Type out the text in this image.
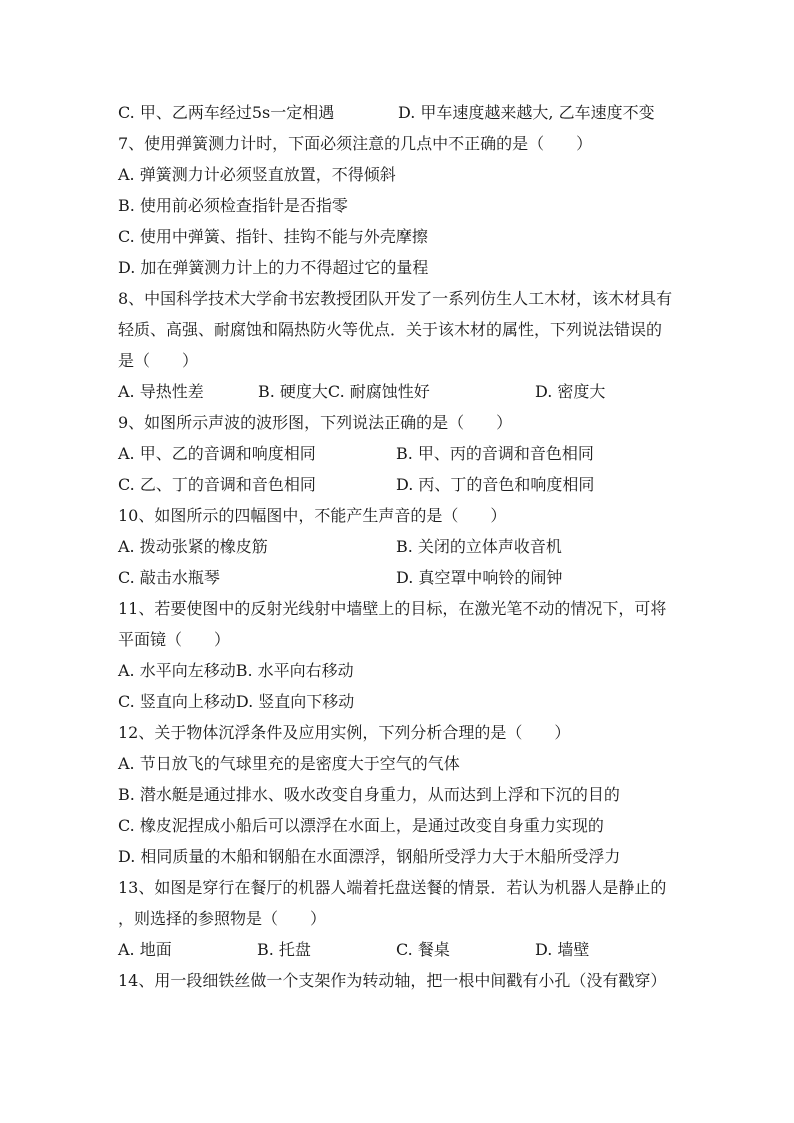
C. 甲、乙两车经过5s一定相遇	D. 甲车速度越来越大, 乙车速度不变
7、使用弹簧测力计时，下面必须注意的几点中不正确的是（　　）
A. 弹簧测力计必须竖直放置，不得倾斜
B. 使用前必须检查指针是否指零
C. 使用中弹簧、指针、挂钩不能与外壳摩擦
D. 加在弹簧测力计上的力不得超过它的量程
8、中国科学技术大学俞书宏教授团队开发了一系列仿生人工木材，该木材具有
轻质、高强、耐腐蚀和隔热防火等优点．关于该木材的属性，下列说法错误的
是（　　）
A. 导热性差	B. 硬度大C. 耐腐蚀性好	D. 密度大
9、如图所示声波的波形图，下列说法正确的是（　　）
A. 甲、乙的音调和响度相同	B. 甲、丙的音调和音色相同
C. 乙、丁的音调和音色相同	D. 丙、丁的音色和响度相同
10、如图所示的四幅图中，不能产生声音的是（　　）
A. 拨动张紧的橡皮筋	B. 关闭的立体声收音机
C. 敲击水瓶琴	D. 真空罩中响铃的闹钟
11、若要使图中的反射光线射中墙壁上的目标，在激光笔不动的情况下，可将
平面镜（　　）
A. 水平向左移动B. 水平向右移动
C. 竖直向上移动D. 竖直向下移动
12、关于物体沉浮条件及应用实例，下列分析合理的是（　　）
A. 节日放飞的气球里充的是密度大于空气的气体
B. 潜水艇是通过排水、吸水改变自身重力，从而达到上浮和下沉的目的
C. 橡皮泥捏成小船后可以漂浮在水面上，是通过改变自身重力实现的
D. 相同质量的木船和钢船在水面漂浮，钢船所受浮力大于木船所受浮力
13、如图是穿行在餐厅的机器人端着托盘送餐的情景．若认为机器人是静止的
，则选择的参照物是（　　）
A. 地面	B. 托盘	C. 餐桌	D. 墙壁
14、用一段细铁丝做一个支架作为转动轴，把一根中间戳有小孔（没有戳穿）
